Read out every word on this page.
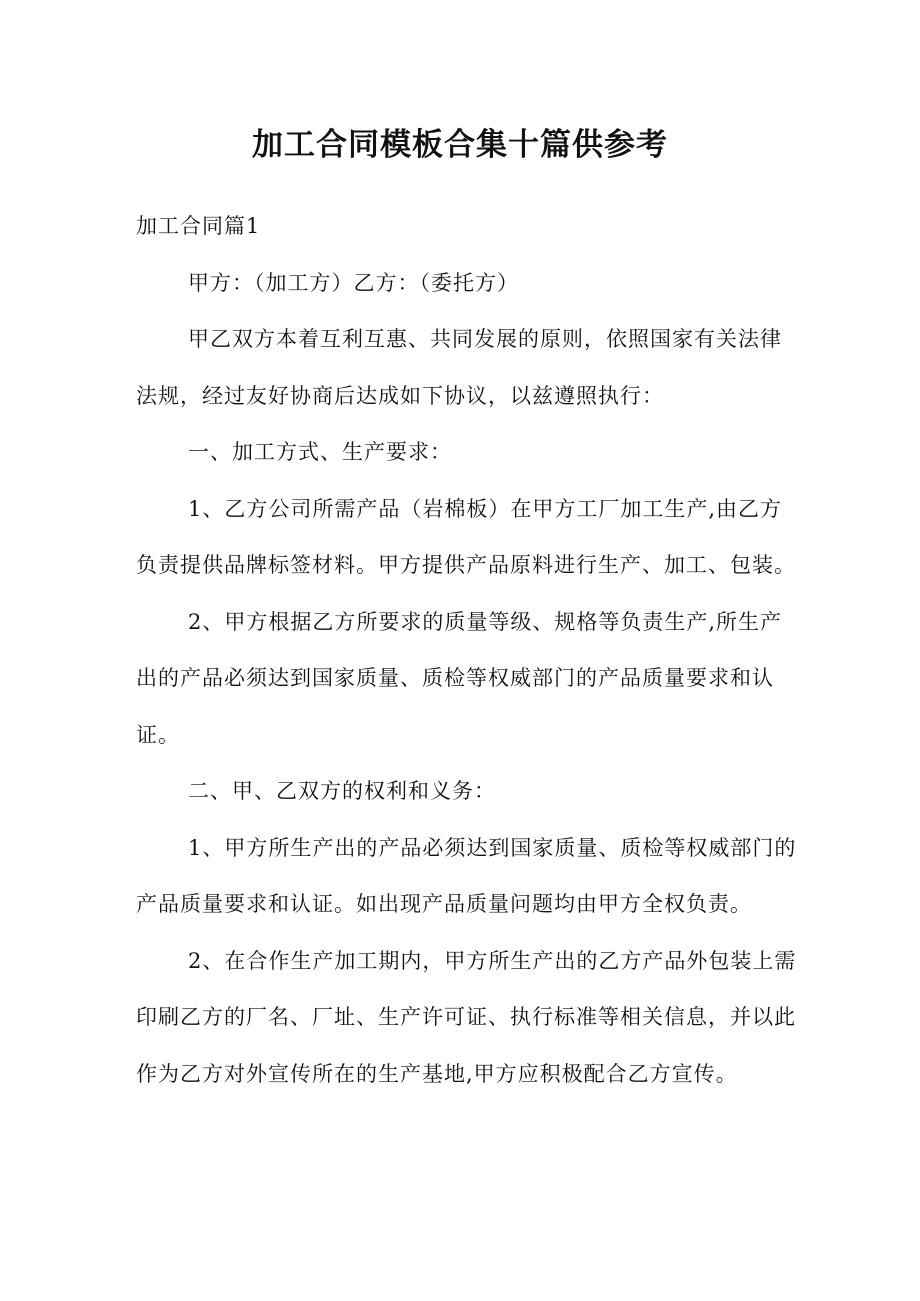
加工合同模板合集十篇供参考

加工合同篇1

甲方：（加工方）乙方：（委托方）

甲乙双方本着互利互惠、共同发展的原则，依照国家有关法律法规，经过友好协商后达成如下协议，以兹遵照执行：

一、加工方式、生产要求：

1、乙方公司所需产品（岩棉板）在甲方工厂加工生产,由乙方负责提供品牌标签材料。甲方提供产品原料进行生产、加工、包装。

2、甲方根据乙方所要求的质量等级、规格等负责生产,所生产出的产品必须达到国家质量、质检等权威部门的产品质量要求和认证。

二、甲、乙双方的权利和义务：

1、甲方所生产出的产品必须达到国家质量、质检等权威部门的产品质量要求和认证。如出现产品质量问题均由甲方全权负责。

2、在合作生产加工期内，甲方所生产出的乙方产品外包装上需印刷乙方的厂名、厂址、生产许可证、执行标准等相关信息，并以此作为乙方对外宣传所在的生产基地,甲方应积极配合乙方宣传。
